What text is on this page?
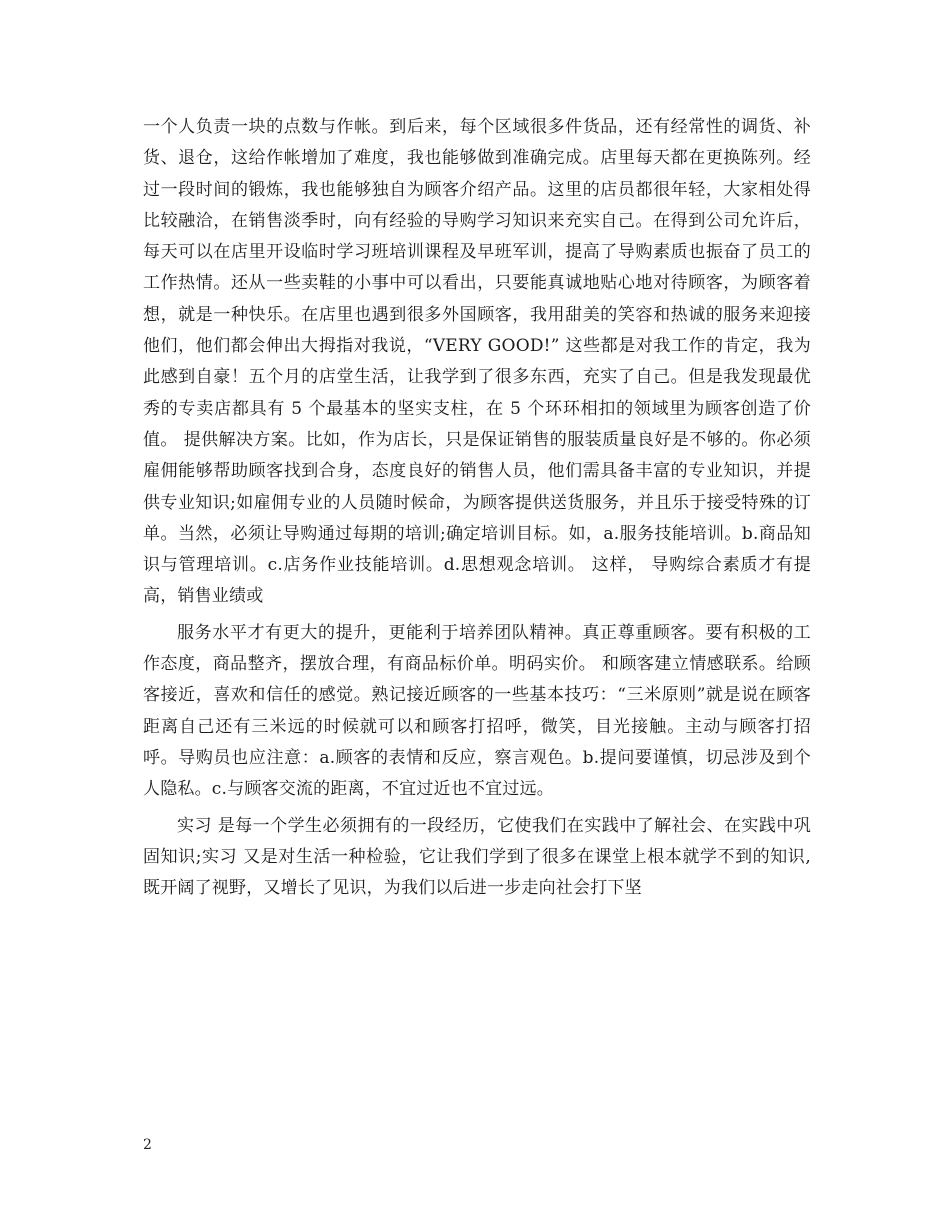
一个人负责一块的点数与作帐。到后来，每个区域很多件货品，还有经常性的调货、补货、退仓，这给作帐增加了难度，我也能够做到准确完成。店里每天都在更换陈列。经过一段时间的锻炼，我也能够独自为顾客介绍产品。这里的店员都很年轻，大家相处得比较融洽，在销售淡季时，向有经验的导购学习知识来充实自己。在得到公司允许后，每天可以在店里开设临时学习班培训课程及早班军训，提高了导购素质也振奋了员工的工作热情。还从一些卖鞋的小事中可以看出，只要能真诚地贴心地对待顾客，为顾客着想，就是一种快乐。在店里也遇到很多外国顾客，我用甜美的笑容和热诚的服务来迎接他们，他们都会伸出大拇指对我说，“VERY GOOD!” 这些都是对我工作的肯定，我为此感到自豪！五个月的店堂生活，让我学到了很多东西，充实了自己。但是我发现最优秀的专卖店都具有 5 个最基本的坚实支柱，在 5 个环环相扣的领域里为顾客创造了价值。 提供解决方案。比如，作为店长，只是保证销售的服装质量良好是不够的。你必须雇佣能够帮助顾客找到合身，态度良好的销售人员，他们需具备丰富的专业知识，并提供专业知识;如雇佣专业的人员随时候命，为顾客提供送货服务，并且乐于接受特殊的订单。当然，必须让导购通过每期的培训;确定培训目标。如，a.服务技能培训。b.商品知识与管理培训。c.店务作业技能培训。d.思想观念培训。 这样， 导购综合素质才有提高，销售业绩或

服务水平才有更大的提升，更能利于培养团队精神。真正尊重顾客。要有积极的工作态度，商品整齐，摆放合理，有商品标价单。明码实价。 和顾客建立情感联系。给顾客接近，喜欢和信任的感觉。熟记接近顾客的一些基本技巧：“三米原则”就是说在顾客距离自己还有三米远的时候就可以和顾客打招呼，微笑，目光接触。主动与顾客打招呼。导购员也应注意：a.顾客的表情和反应，察言观色。b.提问要谨慎，切忌涉及到个人隐私。c.与顾客交流的距离，不宜过近也不宜过远。

实习 是每一个学生必须拥有的一段经历，它使我们在实践中了解社会、在实践中巩固知识;实习 又是对生活一种检验，它让我们学到了很多在课堂上根本就学不到的知识,既开阔了视野，又增长了见识，为我们以后进一步走向社会打下坚

2
